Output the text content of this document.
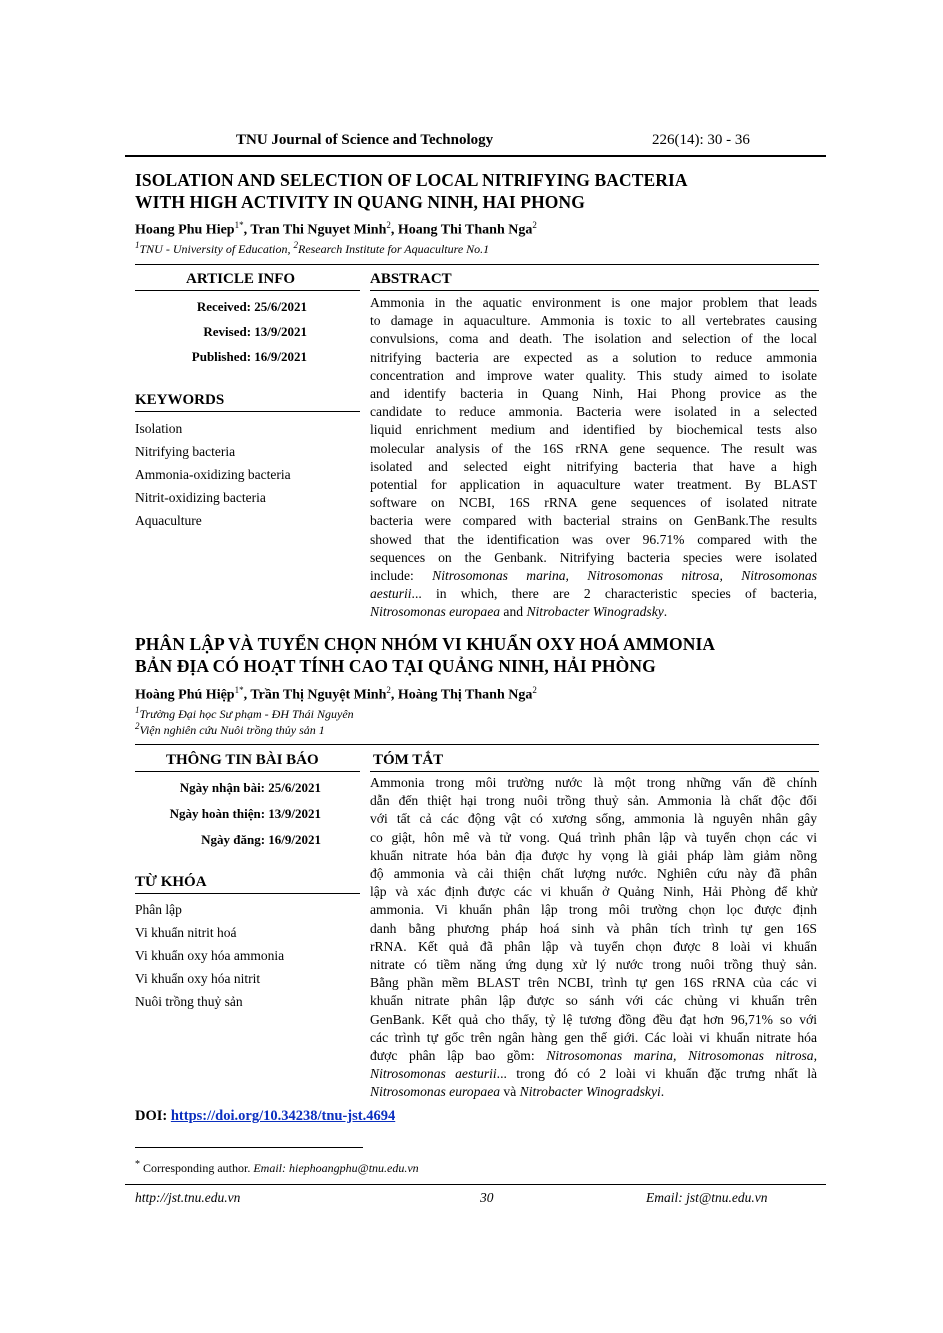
TNU Journal of Science and Technology	226(14): 30 - 36
ISOLATION AND SELECTION OF LOCAL NITRIFYING BACTERIA
WITH HIGH ACTIVITY IN QUANG NINH, HAI PHONG
Hoang Phu Hiep$^{1*}$, Tran Thi Nguyet Minh$^2$, Hoang Thi Thanh Nga$^2$
$^1$TNU - University of Education, $^2$Research Institute for Aquaculture No.1
ARTICLE INFO	ABSTRACT
Received: 25/6/2021
Revised: 13/9/2021
Published: 16/9/2021
KEYWORDS
Isolation
Nitrifying bacteria
Ammonia-oxidizing bacteria
Nitrit-oxidizing bacteria
Aquaculture
Ammonia in the aquatic environment is one major problem that leads
to damage in aquaculture. Ammonia is toxic to all vertebrates causing
convulsions, coma and death. The isolation and selection of the local
nitrifying bacteria are expected as a solution to reduce ammonia
concentration and improve water quality. This study aimed to isolate
and identify bacteria in Quang Ninh, Hai Phong provice as the
candidate to reduce ammonia. Bacteria were isolated in a selected
liquid enrichment medium and identified by biochemical tests also
molecular analysis of the 16S rRNA gene sequence. The result was
isolated and selected eight nitrifying bacteria that have a high
potential for application in aquaculture water treatment. By BLAST
software on NCBI, 16S rRNA gene sequences of isolated nitrate
bacteria were compared with bacterial strains on GenBank.The results
showed that the identification was over 96.71% compared with the
sequences on the Genbank. Nitrifying bacteria species were isolated
include: Nitrosomonas marina, Nitrosomonas nitrosa, Nitrosomonas
aesturii... in which, there are 2 characteristic species of bacteria,
Nitrosomonas europaea and Nitrobacter Winogradsky.
PHÂN LẬP VÀ TUYỂN CHỌN NHÓM VI KHUẨN OXY HOÁ AMMONIA
BẢN ĐỊA CÓ HOẠT TÍNH CAO TẠI QUẢNG NINH, HẢI PHÒNG
Hoàng Phú Hiệp$^{1*}$, Trần Thị Nguyệt Minh$^2$, Hoàng Thị Thanh Nga$^2$
$^1$Trường Đại học Sư phạm - ĐH Thái Nguyên
$^2$Viện nghiên cứu Nuôi trồng thủy sản 1
THÔNG TIN BÀI BÁO	TÓM TẮT
Ngày nhận bài: 25/6/2021
Ngày hoàn thiện: 13/9/2021
Ngày đăng: 16/9/2021
TỪ KHÓA
Phân lập
Vi khuẩn nitrit hoá
Vi khuẩn oxy hóa ammonia
Vi khuẩn oxy hóa nitrit
Nuôi trồng thuỷ sản
Ammonia trong môi trường nước là một trong những vấn đề chính
dẫn đến thiệt hại trong nuôi trồng thuỷ sản. Ammonia là chất độc đối
với tất cả các động vật có xương sống, ammonia là nguyên nhân gây
co giật, hôn mê và tử vong. Quá trình phân lập và tuyển chọn các vi
khuẩn nitrate hóa bản địa được hy vọng là giải pháp làm giảm nồng
độ ammonia và cải thiện chất lượng nước. Nghiên cứu này đã phân
lập và xác định được các vi khuẩn ở Quảng Ninh, Hải Phòng để khử
ammonia. Vi khuẩn phân lập trong môi trường chọn lọc được định
danh bằng phương pháp hoá sinh và phân tích trình tự gen 16S
rRNA. Kết quả đã phân lập và tuyển chọn được 8 loài vi khuẩn
nitrate có tiềm năng ứng dụng xử lý nước trong nuôi trồng thuỷ sản.
Bằng phần mềm BLAST trên NCBI, trình tự gen 16S rRNA của các vi
khuẩn nitrate phân lập được so sánh với các chủng vi khuẩn trên
GenBank. Kết quả cho thấy, tỷ lệ tương đồng đều đạt hơn 96,71% so với
các trình tự gốc trên ngân hàng gen thế giới. Các loài vi khuẩn nitrate hóa
được phân lập bao gồm: Nitrosomonas marina, Nitrosomonas nitrosa,
Nitrosomonas aesturii... trong đó có 2 loài vi khuẩn đặc trưng nhất là
Nitrosomonas europaea và Nitrobacter Winogradskyi.
DOI: https://doi.org/10.34238/tnu-jst.4694
* Corresponding author. Email: hiephoangphu@tnu.edu.vn
http://jst.tnu.edu.vn	30	Email: jst@tnu.edu.vn
